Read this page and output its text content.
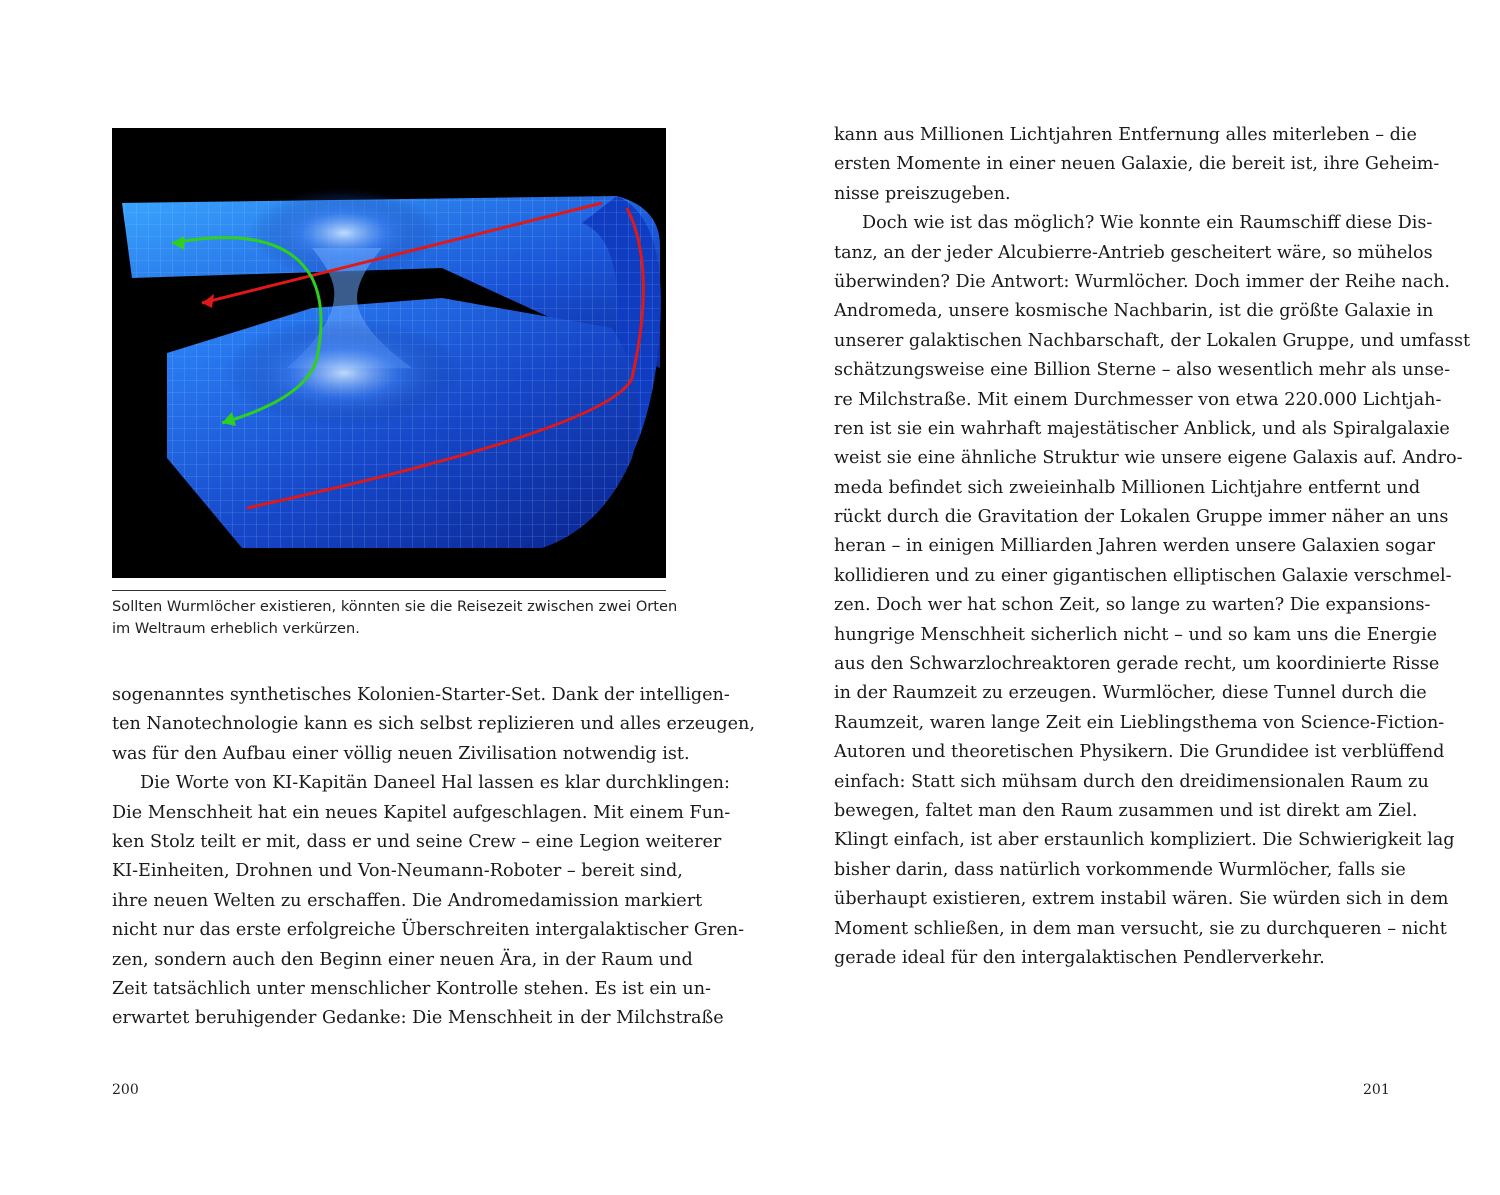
Sollten Wurmlöcher existieren, könnten sie die Reisezeit zwischen zwei Orten
im Weltraum erheblich verkürzen.
sogenanntes synthetisches Kolonien-Starter-Set. Dank der intelligen-
ten Nanotechnologie kann es sich selbst replizieren und alles erzeugen,
was für den Aufbau einer völlig neuen Zivilisation notwendig ist.
Die Worte von KI-Kapitän Daneel Hal lassen es klar durchklingen:
Die Menschheit hat ein neues Kapitel aufgeschlagen. Mit einem Fun-
ken Stolz teilt er mit, dass er und seine Crew – eine Legion weiterer
KI-Einheiten, Drohnen und Von-Neumann-Roboter – bereit sind,
ihre neuen Welten zu erschaffen. Die Andromedamission markiert
nicht nur das erste erfolgreiche Überschreiten intergalaktischer Gren-
zen, sondern auch den Beginn einer neuen Ära, in der Raum und
Zeit tatsächlich unter menschlicher Kontrolle stehen. Es ist ein un-
erwartet beruhigender Gedanke: Die Menschheit in der Milchstraße
200
kann aus Millionen Lichtjahren Entfernung alles miterleben – die
ersten Momente in einer neuen Galaxie, die bereit ist, ihre Geheim-
nisse preiszugeben.
Doch wie ist das möglich? Wie konnte ein Raumschiff diese Dis-
tanz, an der jeder Alcubierre-Antrieb gescheitert wäre, so mühelos
überwinden? Die Antwort: Wurmlöcher. Doch immer der Reihe nach.
Andromeda, unsere kosmische Nachbarin, ist die größte Galaxie in
unserer galaktischen Nachbarschaft, der Lokalen Gruppe, und umfasst
schätzungsweise eine Billion Sterne – also wesentlich mehr als unse-
re Milchstraße. Mit einem Durchmesser von etwa 220.000 Lichtjah-
ren ist sie ein wahrhaft majestätischer Anblick, und als Spiralgalaxie
weist sie eine ähnliche Struktur wie unsere eigene Galaxis auf. Andro-
meda befindet sich zweieinhalb Millionen Lichtjahre entfernt und
rückt durch die Gravitation der Lokalen Gruppe immer näher an uns
heran – in einigen Milliarden Jahren werden unsere Galaxien sogar
kollidieren und zu einer gigantischen elliptischen Galaxie verschmel-
zen. Doch wer hat schon Zeit, so lange zu warten? Die expansions-
hungrige Menschheit sicherlich nicht – und so kam uns die Energie
aus den Schwarzlochreaktoren gerade recht, um koordinierte Risse
in der Raumzeit zu erzeugen. Wurmlöcher, diese Tunnel durch die
Raumzeit, waren lange Zeit ein Lieblingsthema von Science-Fiction-
Autoren und theoretischen Physikern. Die Grundidee ist verblüffend
einfach: Statt sich mühsam durch den dreidimensionalen Raum zu
bewegen, faltet man den Raum zusammen und ist direkt am Ziel.
Klingt einfach, ist aber erstaunlich kompliziert. Die Schwierigkeit lag
bisher darin, dass natürlich vorkommende Wurmlöcher, falls sie
überhaupt existieren, extrem instabil wären. Sie würden sich in dem
Moment schließen, in dem man versucht, sie zu durchqueren – nicht
gerade ideal für den intergalaktischen Pendlerverkehr.
201
